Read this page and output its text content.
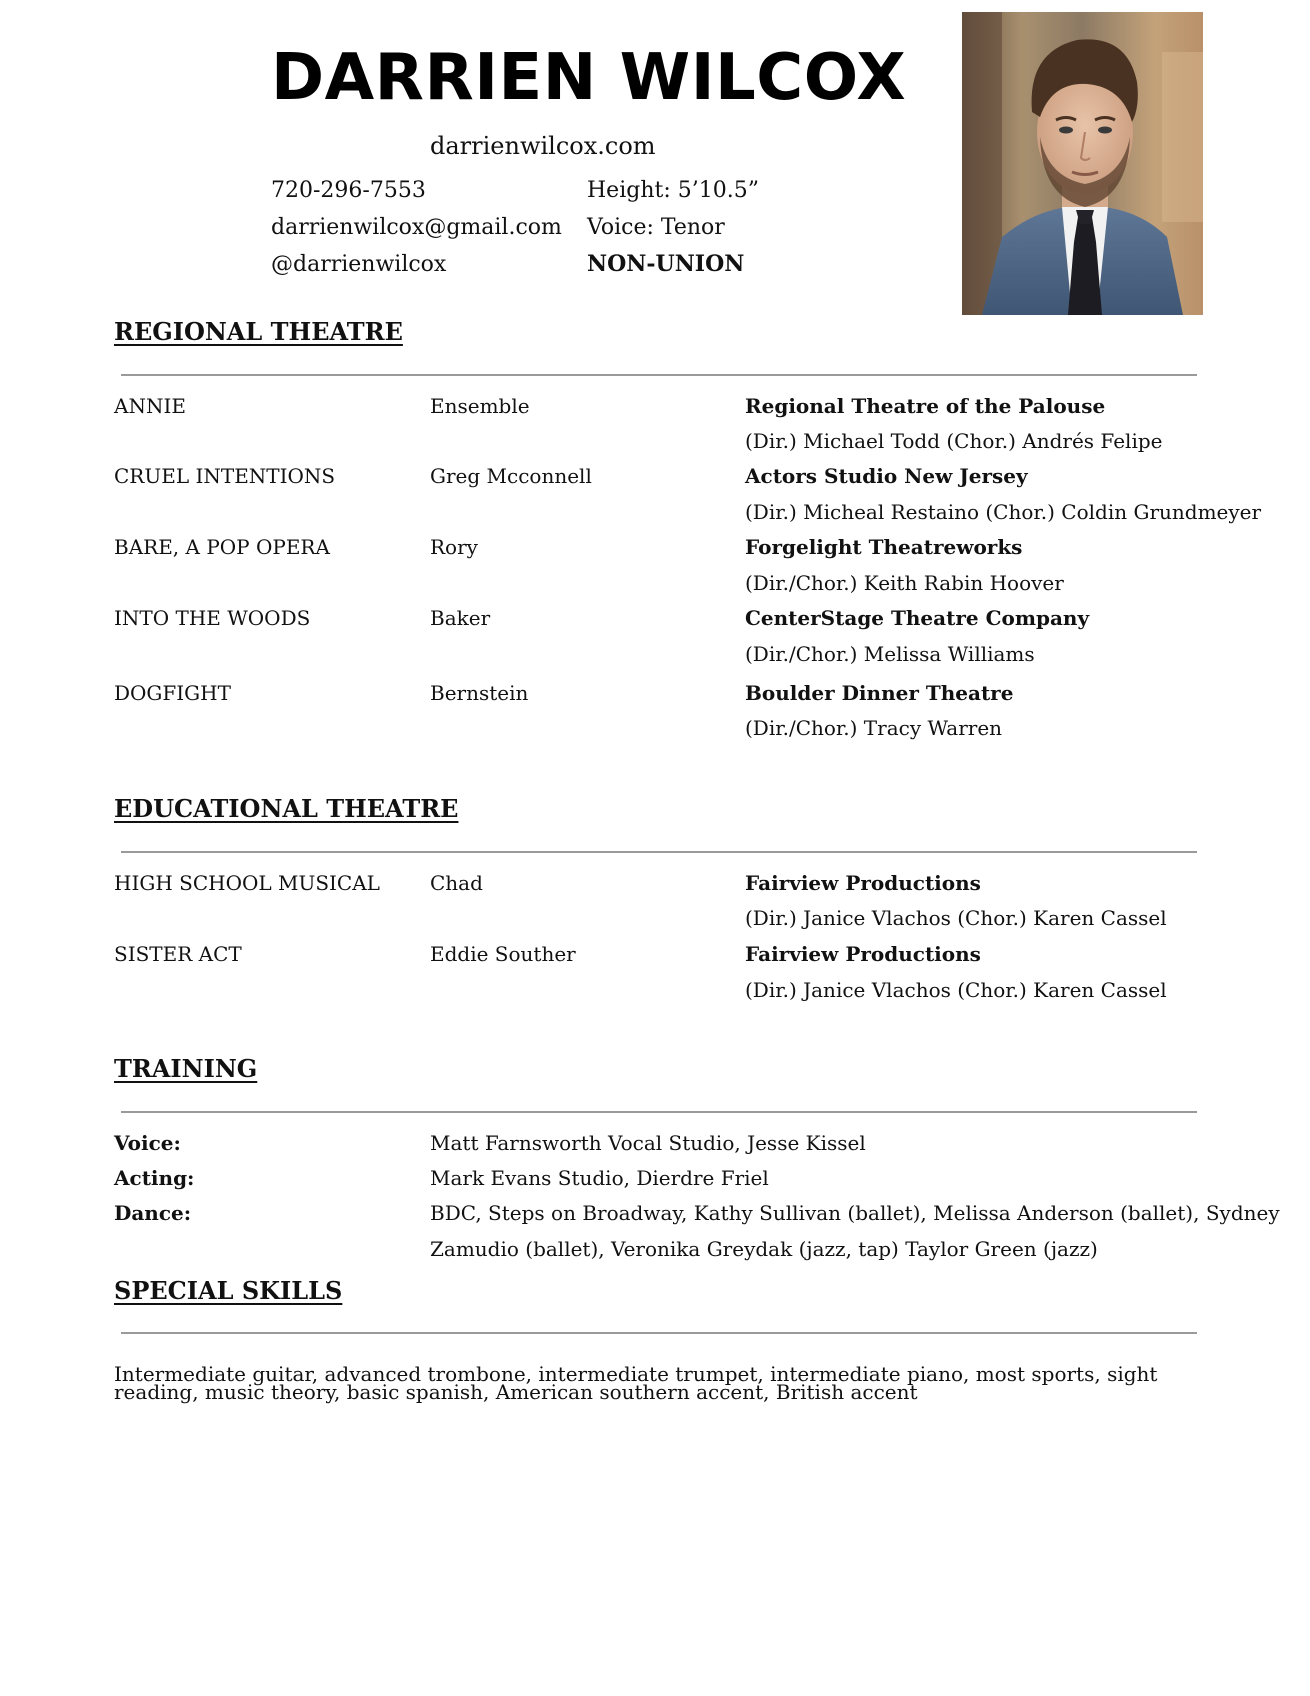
DARRIEN WILCOX
darrienwilcox.com
720-296-7553
darrienwilcox@gmail.com
@darrienwilcox
Height: 5’10.5”
Voice: Tenor
NON-UNION
REGIONAL THEATRE
ANNIE	Ensemble	Regional Theatre of the Palouse
(Dir.) Michael Todd (Chor.) Andrés Felipe
CRUEL INTENTIONS	Greg Mcconnell	Actors Studio New Jersey
(Dir.) Micheal Restaino (Chor.) Coldin Grundmeyer
BARE, A POP OPERA	Rory	Forgelight Theatreworks
(Dir./Chor.) Keith Rabin Hoover
INTO THE WOODS	Baker	CenterStage Theatre Company
(Dir./Chor.) Melissa Williams
DOGFIGHT	Bernstein	Boulder Dinner Theatre
(Dir./Chor.) Tracy Warren
EDUCATIONAL THEATRE
HIGH SCHOOL MUSICAL	Chad	Fairview Productions
(Dir.) Janice Vlachos (Chor.) Karen Cassel
SISTER ACT	Eddie Souther	Fairview Productions
(Dir.) Janice Vlachos (Chor.) Karen Cassel
TRAINING
Voice:	Matt Farnsworth Vocal Studio, Jesse Kissel
Acting:	Mark Evans Studio, Dierdre Friel
Dance:	BDC, Steps on Broadway, Kathy Sullivan (ballet), Melissa Anderson (ballet), Sydney
Zamudio (ballet), Veronika Greydak (jazz, tap) Taylor Green (jazz)
SPECIAL SKILLS
Intermediate guitar, advanced trombone, intermediate trumpet, intermediate piano, most sports, sight reading, music theory, basic spanish, American southern accent, British accent
